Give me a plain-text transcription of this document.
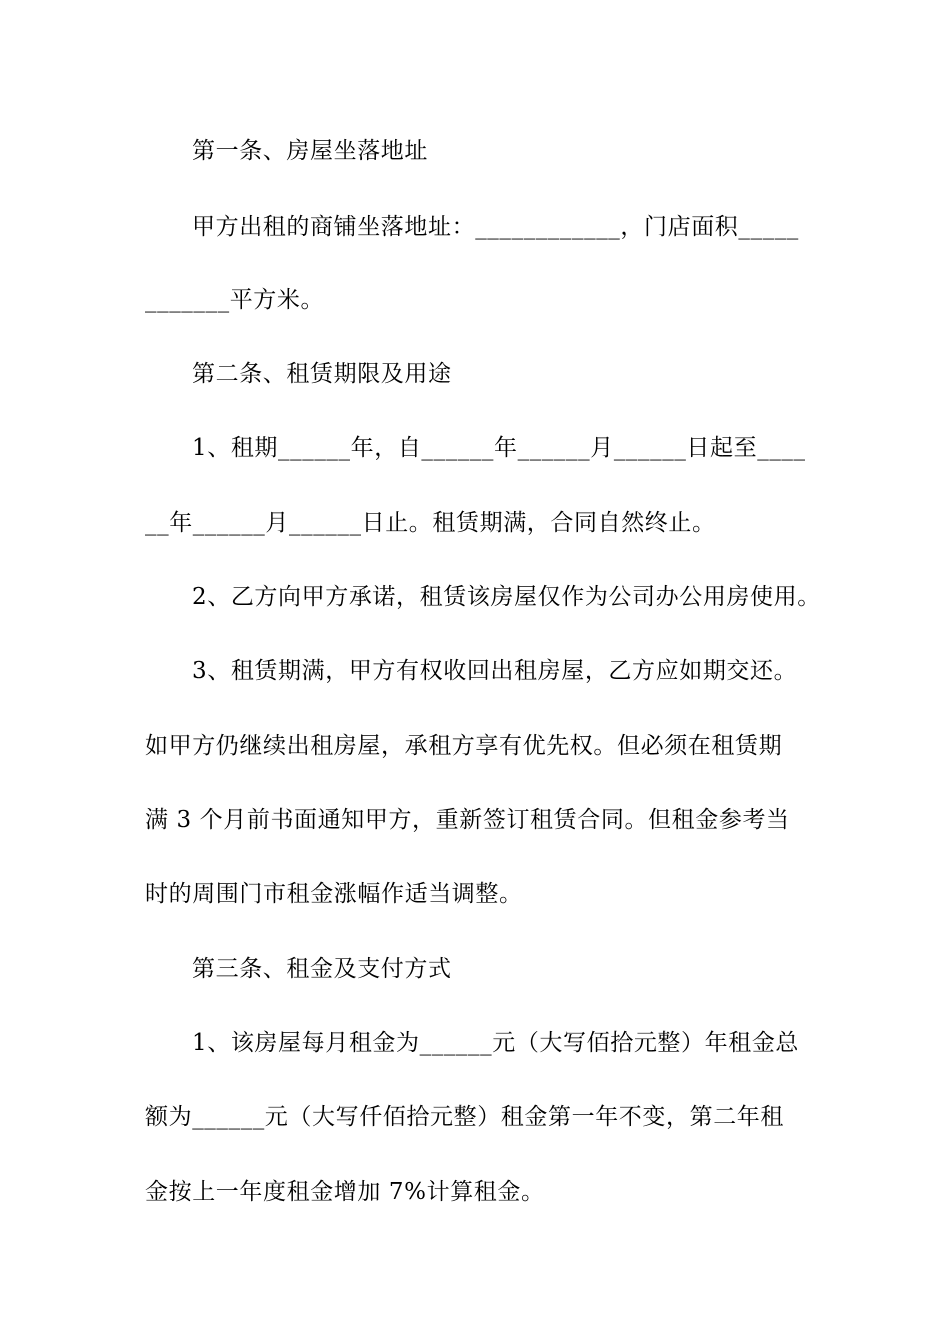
第一条、房屋坐落地址
甲方出租的商铺坐落地址：____________，门店面积_____
_______平方米。
第二条、租赁期限及用途
1、租期______年，自______年______月______日起至____
__年______月______日止。租赁期满，合同自然终止。
2、乙方向甲方承诺，租赁该房屋仅作为公司办公用房使用。
3、租赁期满，甲方有权收回出租房屋，乙方应如期交还。
如甲方仍继续出租房屋，承租方享有优先权。但必须在租赁期
满 3 个月前书面通知甲方，重新签订租赁合同。但租金参考当
时的周围门市租金涨幅作适当调整。
第三条、租金及支付方式
1、该房屋每月租金为______元（大写佰拾元整）年租金总
额为______元（大写仟佰拾元整）租金第一年不变，第二年租
金按上一年度租金增加 7%计算租金。
